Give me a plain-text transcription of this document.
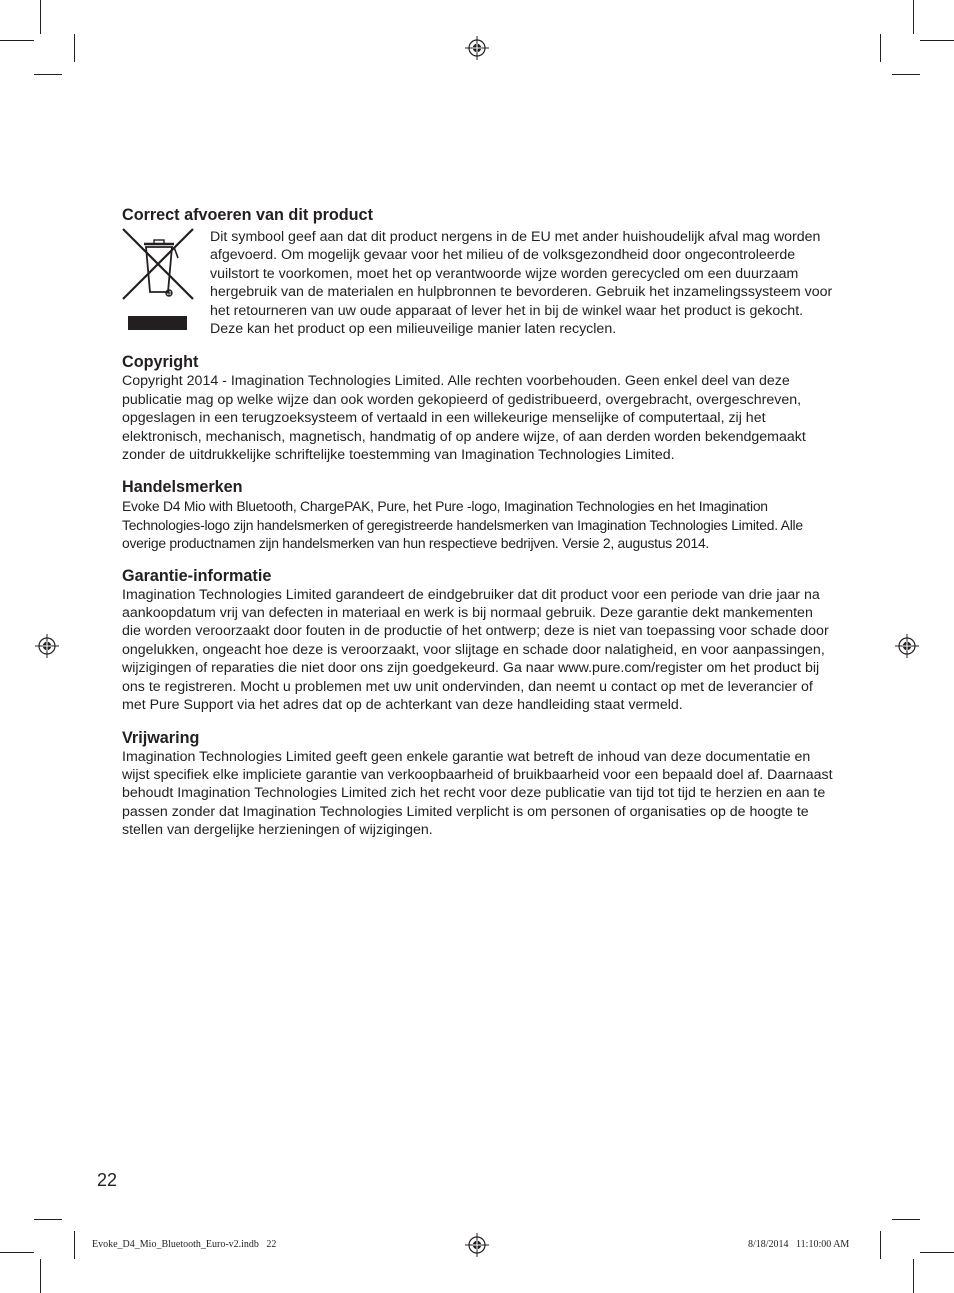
Correct afvoeren van dit product

Dit symbool geef aan dat dit product nergens in de EU met ander huishoudelijk afval mag worden afgevoerd. Om mogelijk gevaar voor het milieu of de volksgezondheid door ongecontroleerde vuilstort te voorkomen, moet het op verantwoorde wijze worden gerecycled om een duurzaam hergebruik van de materialen en hulpbronnen te bevorderen. Gebruik het inzamelingssysteem voor het retourneren van uw oude apparaat of lever het in bij de winkel waar het product is gekocht. Deze kan het product op een milieuveilige manier laten recyclen.

Copyright

Copyright 2014 - Imagination Technologies Limited. Alle rechten voorbehouden. Geen enkel deel van deze publicatie mag op welke wijze dan ook worden gekopieerd of gedistribueerd, overgebracht, overgeschreven, opgeslagen in een terugzoeksysteem of vertaald in een willekeurige menselijke of computertaal, zij het elektronisch, mechanisch, magnetisch, handmatig of op andere wijze, of aan derden worden bekendgemaakt zonder de uitdrukkelijke schriftelijke toestemming van Imagination Technologies Limited.

Handelsmerken

Evoke D4 Mio with Bluetooth, ChargePAK, Pure, het Pure -logo, Imagination Technologies en het Imagination Technologies-logo zijn handelsmerken of geregistreerde handelsmerken van Imagination Technologies Limited. Alle overige productnamen zijn handelsmerken van hun respectieve bedrijven. Versie 2, augustus 2014.

Garantie-informatie

Imagination Technologies Limited garandeert de eindgebruiker dat dit product voor een periode van drie jaar na aankoopdatum vrij van defecten in materiaal en werk is bij normaal gebruik. Deze garantie dekt mankementen die worden veroorzaakt door fouten in de productie of het ontwerp; deze is niet van toepassing voor schade door ongelukken, ongeacht hoe deze is veroorzaakt, voor slijtage en schade door nalatigheid, en voor aanpassingen, wijzigingen of reparaties die niet door ons zijn goedgekeurd. Ga naar www.pure.com/register om het product bij ons te registreren. Mocht u problemen met uw unit ondervinden, dan neemt u contact op met de leverancier of met Pure Support via het adres dat op de achterkant van deze handleiding staat vermeld.

Vrijwaring

Imagination Technologies Limited geeft geen enkele garantie wat betreft de inhoud van deze documentatie en wijst specifiek elke impliciete garantie van verkoopbaarheid of bruikbaarheid voor een bepaald doel af. Daarnaast behoudt Imagination Technologies Limited zich het recht voor deze publicatie van tijd tot tijd te herzien en aan te passen zonder dat Imagination Technologies Limited verplicht is om personen of organisaties op de hoogte te stellen van dergelijke herzieningen of wijzigingen.

22
Evoke_D4_Mio_Bluetooth_Euro-v2.indb   22	8/18/2014   11:10:00 AM
